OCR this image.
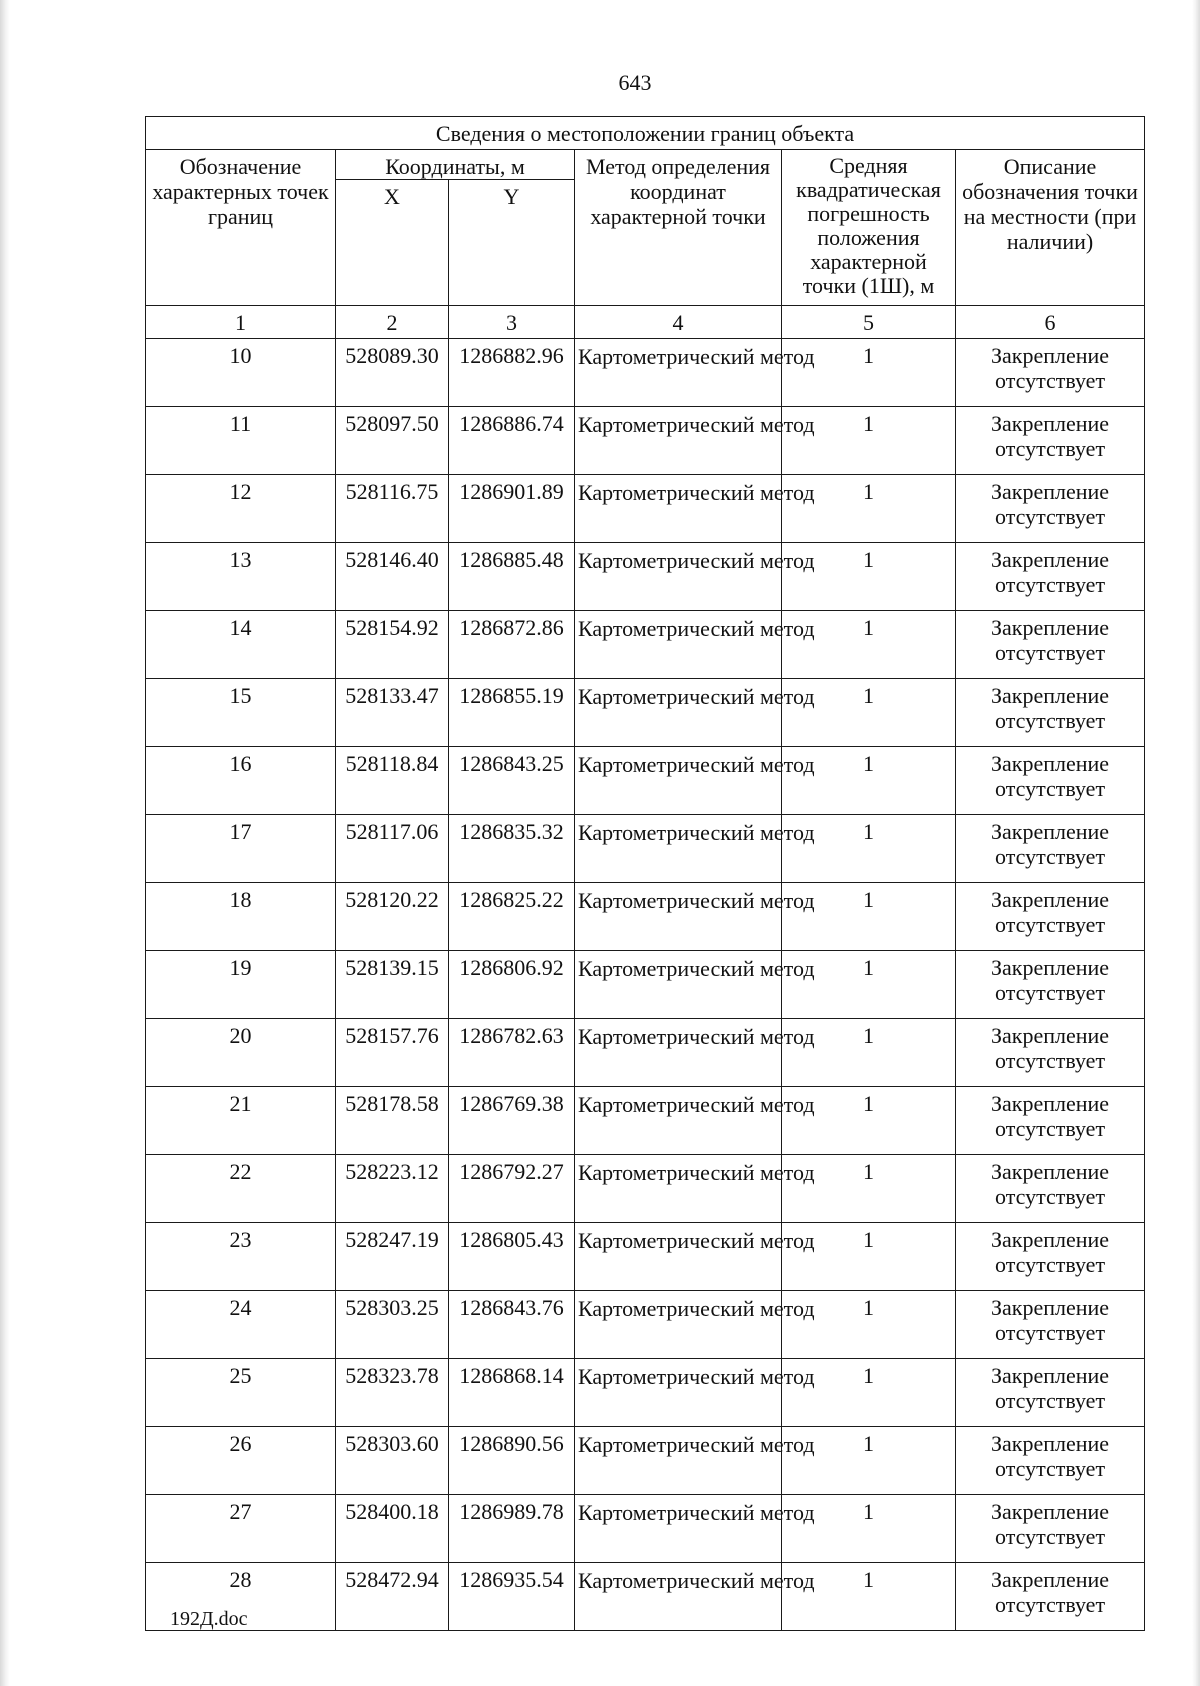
643
Сведения о местоположении границ объекта					
Обозначение характерных точек границ	Координаты, м		Метод определения координат характерной точки	Средняя квадратическая погрешность положения характерной точки (1Ш), м	Описание обозначения точки на местности (при наличии)
	X	Y			
1	2	3	4	5	6
10	528089.30	1286882.96	Картометрический метод	1	Закрепление отсутствует
11	528097.50	1286886.74	Картометрический метод	1	Закрепление отсутствует
12	528116.75	1286901.89	Картометрический метод	1	Закрепление отсутствует
13	528146.40	1286885.48	Картометрический метод	1	Закрепление отсутствует
14	528154.92	1286872.86	Картометрический метод	1	Закрепление отсутствует
15	528133.47	1286855.19	Картометрический метод	1	Закрепление отсутствует
16	528118.84	1286843.25	Картометрический метод	1	Закрепление отсутствует
17	528117.06	1286835.32	Картометрический метод	1	Закрепление отсутствует
18	528120.22	1286825.22	Картометрический метод	1	Закрепление отсутствует
19	528139.15	1286806.92	Картометрический метод	1	Закрепление отсутствует
20	528157.76	1286782.63	Картометрический метод	1	Закрепление отсутствует
21	528178.58	1286769.38	Картометрический метод	1	Закрепление отсутствует
22	528223.12	1286792.27	Картометрический метод	1	Закрепление отсутствует
23	528247.19	1286805.43	Картометрический метод	1	Закрепление отсутствует
24	528303.25	1286843.76	Картометрический метод	1	Закрепление отсутствует
25	528323.78	1286868.14	Картометрический метод	1	Закрепление отсутствует
26	528303.60	1286890.56	Картометрический метод	1	Закрепление отсутствует
27	528400.18	1286989.78	Картометрический метод	1	Закрепление отсутствует
28	528472.94	1286935.54	Картометрический метод	1	Закрепление отсутствует
192Д.doc
